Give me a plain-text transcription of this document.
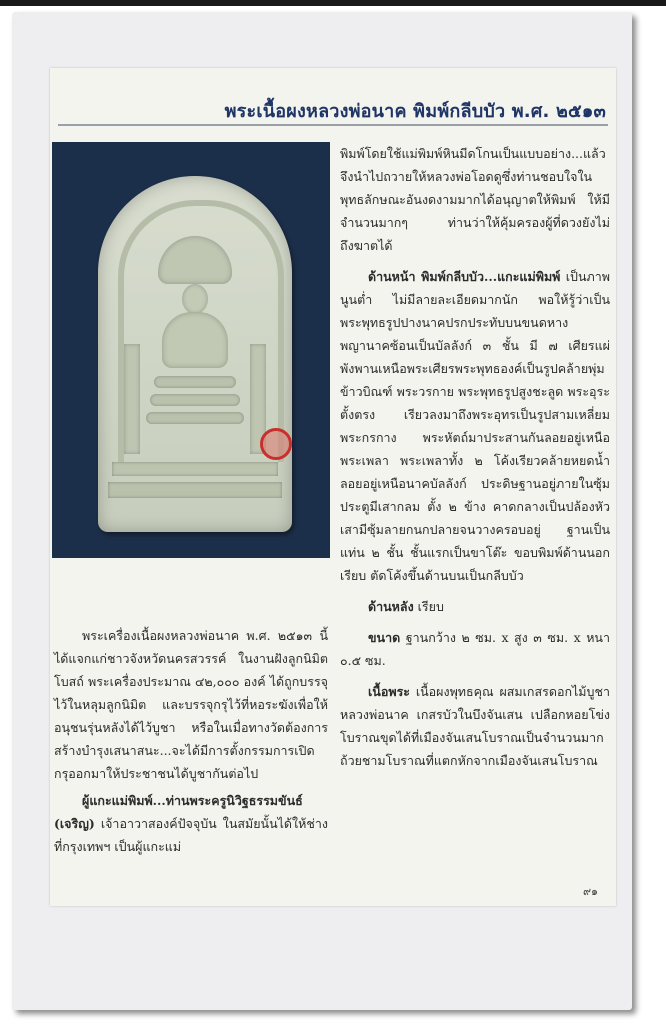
พระเนื้อผงหลวงพ่อนาค พิมพ์กลีบบัว พ.ศ. ๒๕๑๓

พระเครื่องเนื้อผงหลวงพ่อนาค พ.ศ. ๒๕๑๓ นี้ ได้แจกแก่ชาวจังหวัดนครสวรรค์ ในงานฝังลูกนิมิตโบสถ์ พระเครื่องประมาณ ๔๒,๐๐๐ องค์ ได้ถูกบรรจุไว้ในหลุมลูกนิมิต และบรรจุกรุไว้ที่หอระฆังเพื่อให้อนุชนรุ่นหลังได้ไว้บูชา หรือในเมื่อทางวัดต้องการสร้างบำรุงเสนาสนะ...จะได้มีการตั้งกรรมการเปิดกรุออกมาให้ประชาชนได้บูชากันต่อไป

ผู้แกะแม่พิมพ์...ท่านพระครูนิวิฐธรรมขันธ์ (เจริญ) เจ้าอาวาสองค์ปัจจุบัน ในสมัยนั้นได้ให้ช่างที่กรุงเทพฯ เป็นผู้แกะแม่

พิมพ์โดยใช้แม่พิมพ์หินมีดโกนเป็นแบบอย่าง...แล้วจึงนำไปถวายให้หลวงพ่อโอดดูซึ่งท่านชอบใจในพุทธลักษณะอันงดงามมากได้อนุญาตให้พิมพ์ ให้มีจำนวนมากๆ ท่านว่าให้คุ้มครองผู้ที่ดวงยังไม่ถึงฆาตได้

ด้านหน้า พิมพ์กลีบบัว...แกะแม่พิมพ์ เป็นภาพนูนต่ำ ไม่มีลายละเอียดมากนัก พอให้รู้ว่าเป็นพระพุทธรูปปางนาคปรกประทับบนขนดหางพญานาคซ้อนเป็นบัลลังก์ ๓ ชั้น มี ๗ เศียรแผ่พังพานเหนือพระเศียรพระพุทธองค์เป็นรูปคล้ายพุ่มข้าวบิณฑ์ พระวรกาย พระพุทธรูปสูงชะลูด พระอุระตั้งตรง เรียวลงมาถึงพระอุทรเป็นรูปสามเหลี่ยม พระกรกาง พระหัตถ์มาประสานกันลอยอยู่เหนือพระเพลา พระเพลาทั้ง ๒ โค้งเรียวคล้ายหยดน้ำลอยอยู่เหนือนาคบัลลังก์ ประดิษฐานอยู่ภายในซุ้มประตูมีเสากลม ตั้ง ๒ ข้าง คาดกลางเป็นปล้องหัวเสามีซุ้มลายกนกปลายจนวางครอบอยู่ ฐานเป็นแท่น ๒ ชั้น ชั้นแรกเป็นขาโต๊ะ ขอบพิมพ์ด้านนอกเรียบ ตัดโค้งขึ้นด้านบนเป็นกลีบบัว

ด้านหลัง เรียบ

ขนาด ฐานกว้าง ๒ ซม. x สูง ๓ ซม. x หนา ๐.๕ ซม.

เนื้อพระ เนื้อผงพุทธคุณ ผสมเกสรดอกไม้บูชา หลวงพ่อนาค เกสรบัวในบึงจันเสน เปลือกหอยโข่งโบราณขุดได้ที่เมืองจันเสนโบราณเป็นจำนวนมาก ถ้วยชามโบราณที่แตกหักจากเมืองจันเสนโบราณ

๙๑
